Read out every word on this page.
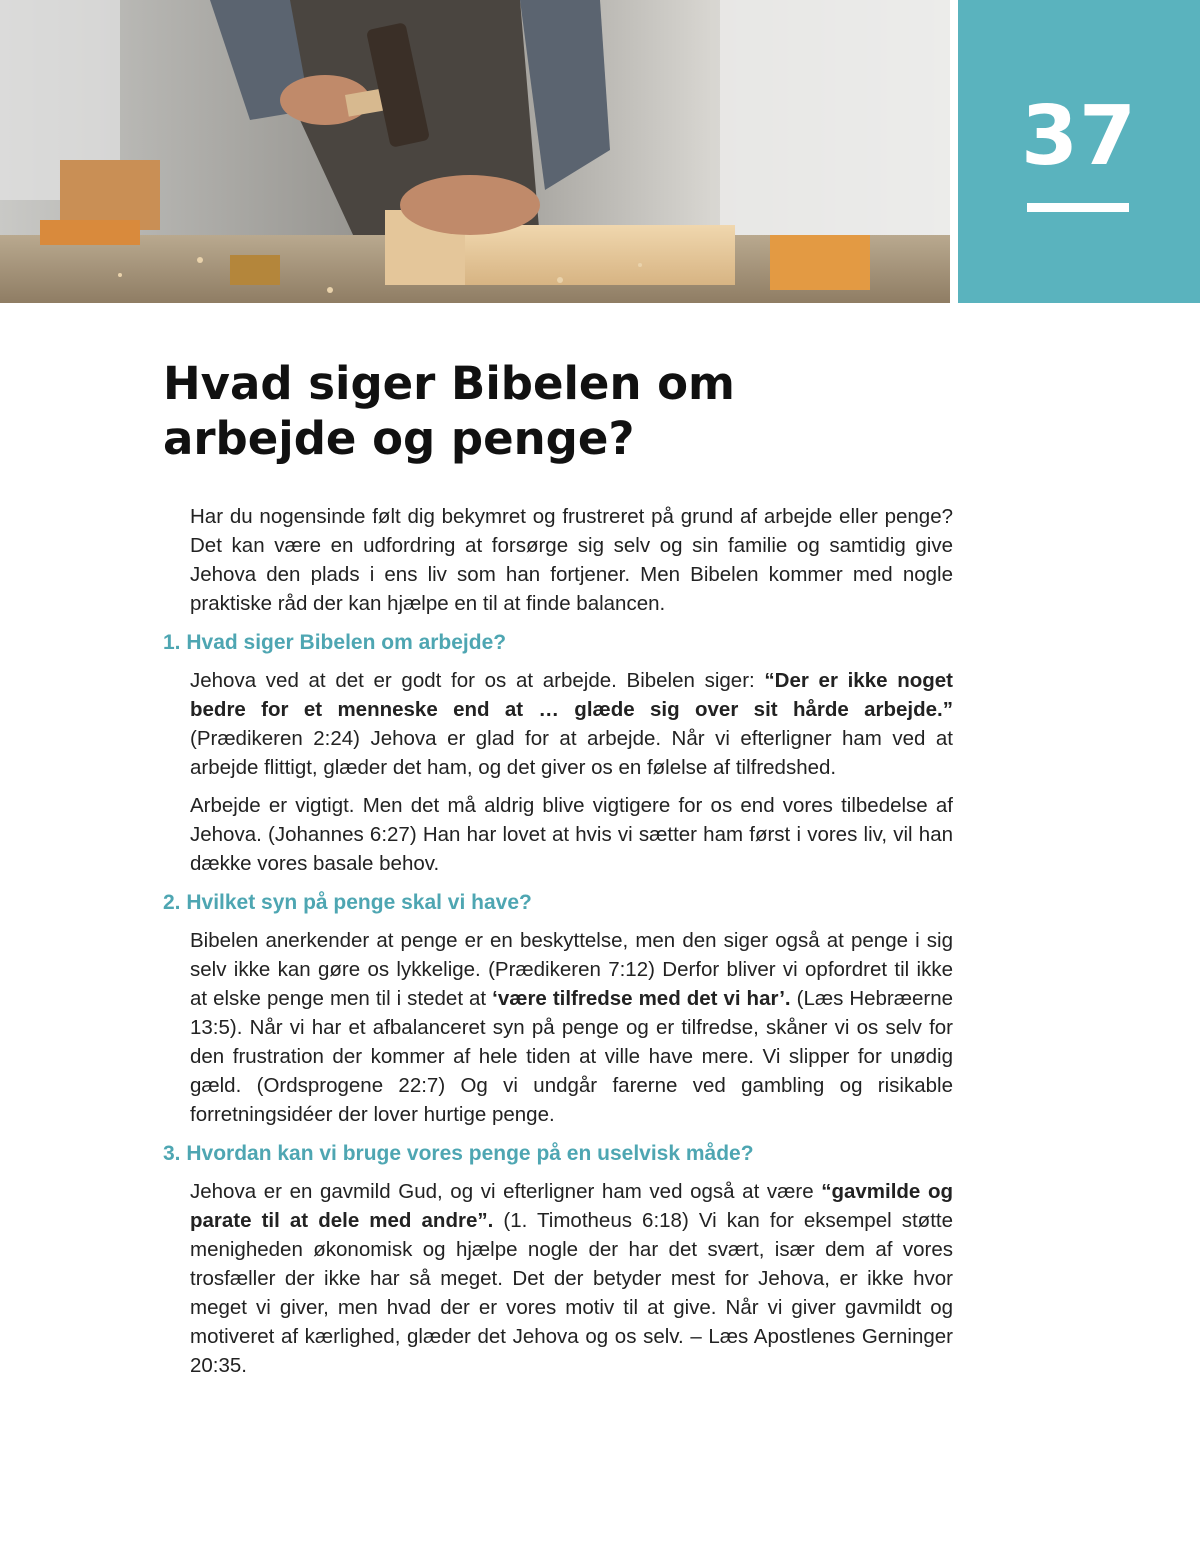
37
Hvad siger Bibelen om
arbejde og penge?

Har du nogensinde følt dig bekymret og frustreret på grund af arbejde eller penge? Det kan være en udfordring at forsørge sig selv og sin familie og samtidig give Jehova den plads i ens liv som han fortjener. Men Bibelen kommer med nogle praktiske råd der kan hjælpe en til at finde balancen.

1. Hvad siger Bibelen om arbejde?

Jehova ved at det er godt for os at arbejde. Bibelen siger: “Der er ikke noget bedre for et menneske end at … glæde sig over sit hårde arbejde.” (Prædikeren 2:24) Jehova er glad for at arbejde. Når vi efterligner ham ved at arbejde flittigt, glæder det ham, og det giver os en følelse af tilfredshed.

Arbejde er vigtigt. Men det må aldrig blive vigtigere for os end vores tilbedelse af Jehova. (Johannes 6:27) Han har lovet at hvis vi sætter ham først i vores liv, vil han dække vores basale behov.

2. Hvilket syn på penge skal vi have?

Bibelen anerkender at penge er en beskyttelse, men den siger også at penge i sig selv ikke kan gøre os lykkelige. (Prædikeren 7:12) Derfor bliver vi opfordret til ikke at elske penge men til i stedet at ‘være tilfredse med det vi har’. (Læs Hebræerne 13:5). Når vi har et afbalanceret syn på penge og er tilfredse, skåner vi os selv for den frustration der kommer af hele tiden at ville have mere. Vi slipper for unødig gæld. (Ordsprogene 22:7) Og vi undgår farerne ved gambling og risikable forretningsidéer der lover hurtige penge.

3. Hvordan kan vi bruge vores penge på en uselvisk måde?

Jehova er en gavmild Gud, og vi efterligner ham ved også at være “gavmilde og parate til at dele med andre”. (1. Timotheus 6:18) Vi kan for eksempel støtte menigheden økonomisk og hjælpe nogle der har det svært, især dem af vores trosfæller der ikke har så meget. Det der betyder mest for Jehova, er ikke hvor meget vi giver, men hvad der er vores motiv til at give. Når vi giver gavmildt og motiveret af kærlighed, glæder det Jehova og os selv. – Læs Apostlenes Gerninger 20:35.
